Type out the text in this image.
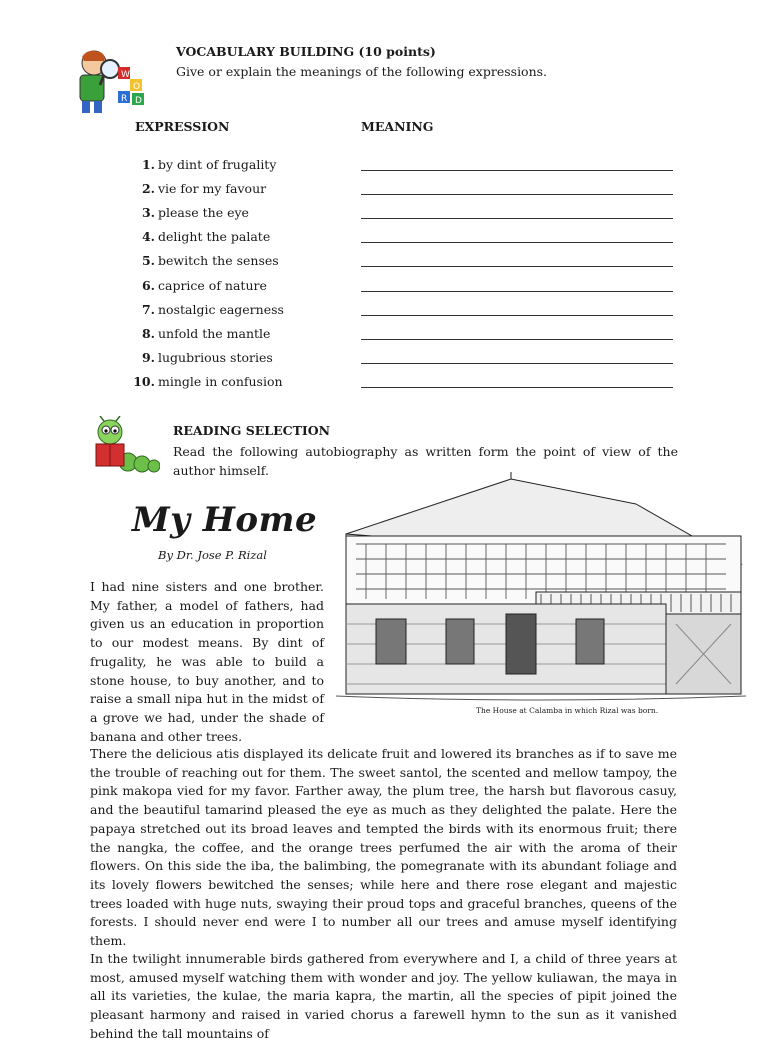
W
O
R D
VOCABULARY BUILDING (10 points)
Give or explain the meanings of the following expressions.
EXPRESSION	MEANING
1 . by dint of frugality
2 . vie for my favour
3 . please the eye
4 . delight the palate
5 . bewitch the senses
6 . caprice of nature
7 . nostalgic eagerness
8 . unfold the mantle
9 . lugubrious stories
10 . mingle in confusion
READING SELECTION
Read the following autobiography as written form the point of view of the author himself.
My Home
By Dr. Jose P. Rizal
The House at Calamba in which Rizal was born.
I had nine sisters and one brother. My father, a model of fathers, had given us an education in proportion to our modest means. By dint of frugality, he was able to build a stone house, to buy another, and to raise a small nipa hut in the midst of a grove we had, under the shade of banana and other trees.
There the delicious atis displayed its delicate fruit and lowered its branches as if to save me the trouble of reaching out for them. The sweet santol, the scented and mellow tampoy, the pink makopa vied for my favor. Farther away, the plum tree, the harsh but flavorous casuy, and the beautiful tamarind pleased the eye as much as they delighted the palate. Here the papaya stretched out its broad leaves and tempted the birds with its enormous fruit; there the nangka, the coffee, and the orange trees perfumed the air with the aroma of their flowers. On this side the iba, the balimbing, the pomegranate with its abundant foliage and its lovely flowers bewitched the senses; while here and there rose elegant and majestic trees loaded with huge nuts, swaying their proud tops and graceful branches, queens of the forests. I should never end were I to number all our trees and amuse myself identifying them.
In the twilight innumerable birds gathered from everywhere and I, a child of three years at most, amused myself watching them with wonder and joy. The yellow kuliawan, the maya in all its varieties, the kulae, the maria kapra, the martin, all the species of pipit joined the pleasant harmony and raised in varied chorus a farewell hymn to the sun as it vanished behind the tall mountains of
